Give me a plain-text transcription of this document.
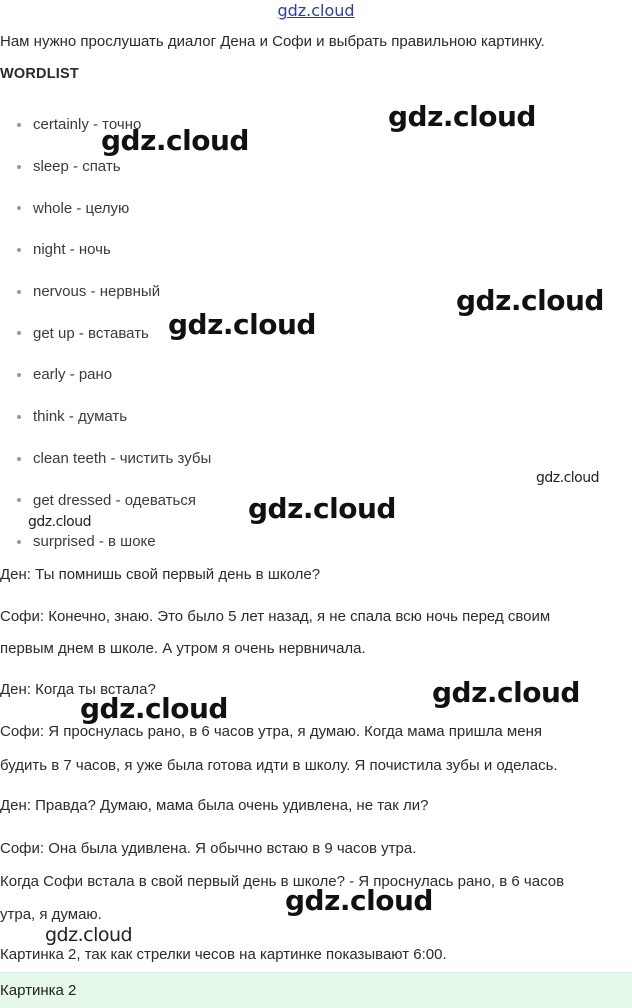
gdz.cloud

Нам нужно прослушать диалог Дена и Софи и выбрать правильною картинку.

WORDLIST

certainly - точно
sleep - спать
whole - целую
night - ночь
nervous - нервный
get up - вставать
early - рано
think - думать
clean teeth - чистить зубы
get dressed - одеваться
surprised - в шоке

Ден: Ты помнишь свой первый день в школе?

Софи: Конечно, знаю. Это было 5 лет назад, я не спала всю ночь перед своим

первым днем в школе. А утром я очень нервничала.

Ден: Когда ты встала?

Софи: Я проснулась рано, в 6 часов утра, я думаю. Когда мама пришла меня

будить в 7 часов, я уже была готова идти в школу. Я почистила зубы и оделась.

Ден: Правда? Думаю, мама была очень удивлена, не так ли?

Софи: Она была удивлена. Я обычно встаю в 9 часов утра.

Когда Софи встала в свой первый день в школе? - Я проснулась рано, в 6 часов

утра, я думаю.

Картинка 2, так как стрелки чесов на картинке показывают 6:00.

Картинка 2
gdz.cloud
gdz.cloud
gdz.cloud
gdz.cloud
gdz.cloud
gdz.cloud
gdz.cloud
gdz.cloud
gdz.cloud
gdz.cloud
gdz.cloud
